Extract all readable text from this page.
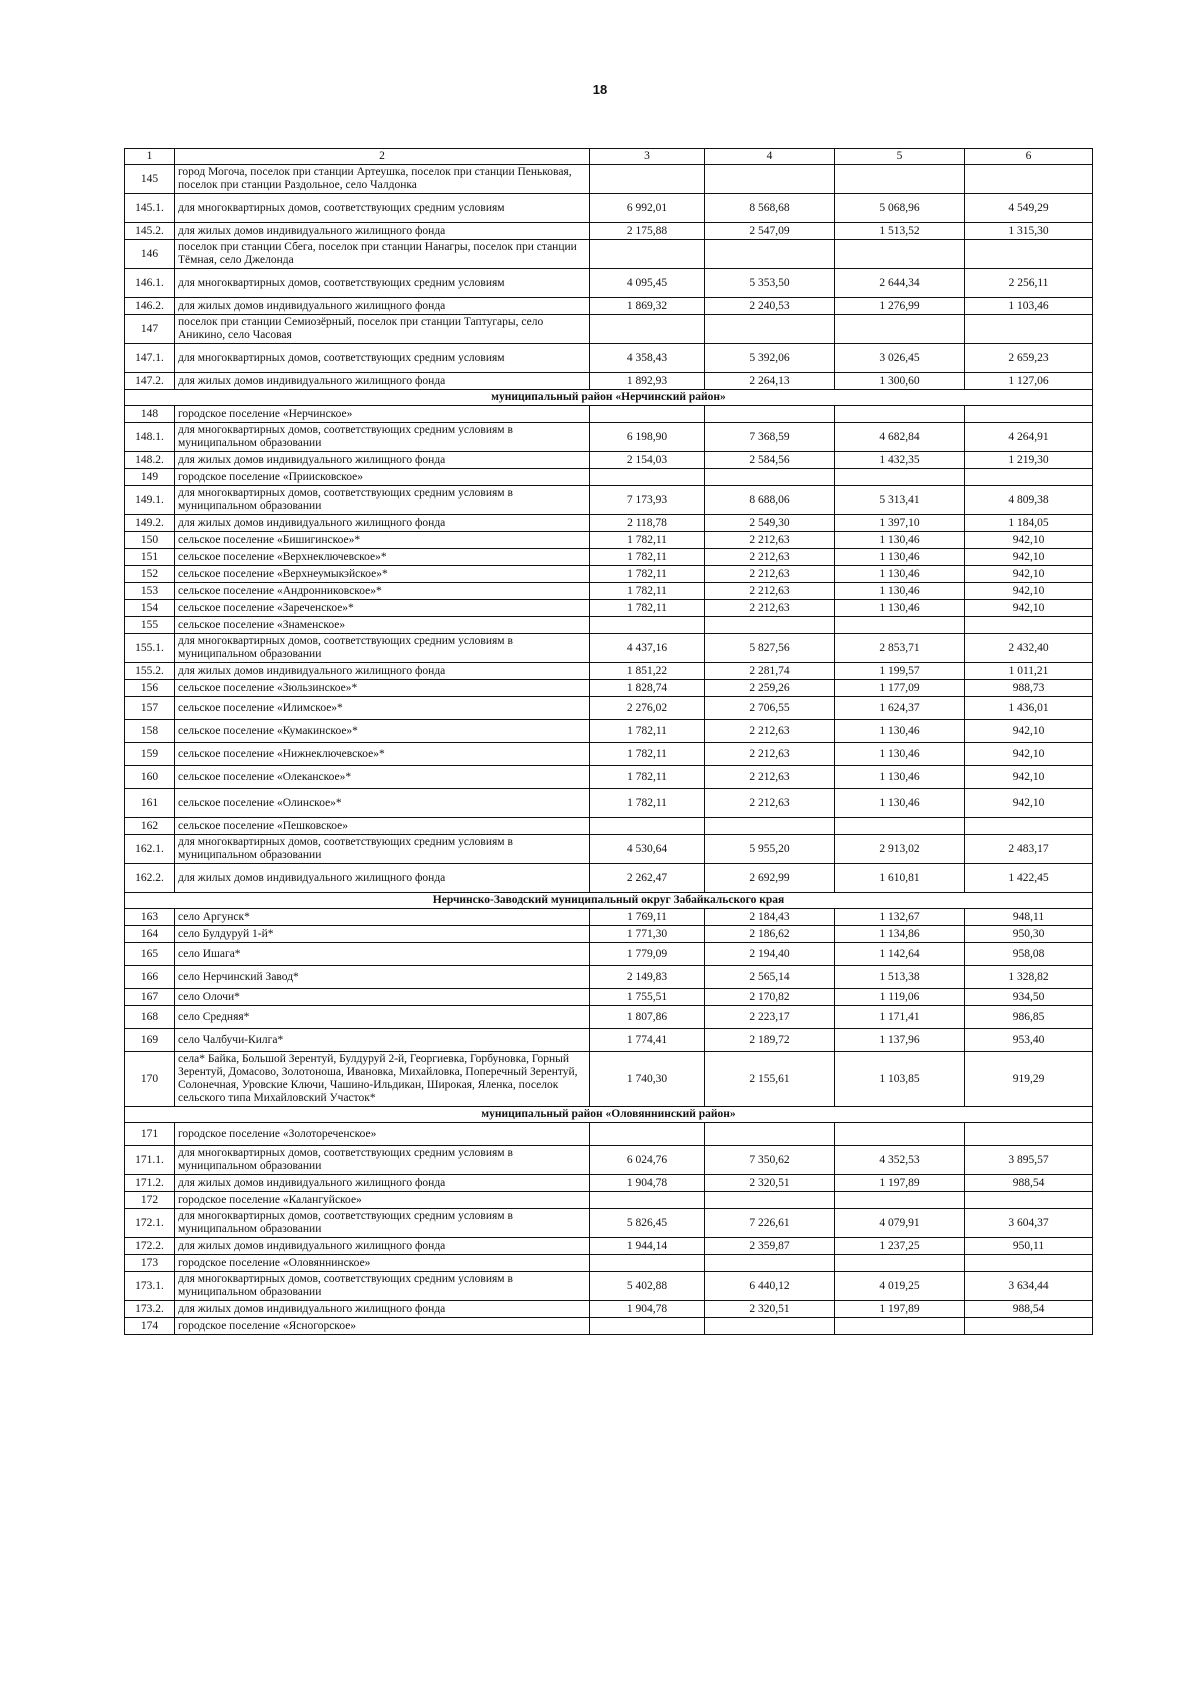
18
1	2	3	4	5	6
145	город Могоча, поселок при станции Артеушка, поселок при станции Пеньковая, поселок при станции Раздольное, село Чалдонка				
145.1.	для многоквартирных домов, соответствующих средним условиям	6 992,01	8 568,68	5 068,96	4 549,29
145.2.	для жилых домов индивидуального жилищного фонда	2 175,88	2 547,09	1 513,52	1 315,30
146	поселок при станции Сбега, поселок при станции Нанагры, поселок при станции Тёмная, село Джелонда				
146.1.	для многоквартирных домов, соответствующих средним условиям	4 095,45	5 353,50	2 644,34	2 256,11
146.2.	для жилых домов индивидуального жилищного фонда	1 869,32	2 240,53	1 276,99	1 103,46
147	поселок при станции Семиозёрный, поселок при станции Таптугары, село Аникино, село Часовая				
147.1.	для многоквартирных домов, соответствующих средним условиям	4 358,43	5 392,06	3 026,45	2 659,23
147.2.	для жилых домов индивидуального жилищного фонда	1 892,93	2 264,13	1 300,60	1 127,06
муниципальный район «Нерчинский район»					
148	городское поселение «Нерчинское»				
148.1.	для многоквартирных домов, соответствующих средним условиям в муниципальном образовании	6 198,90	7 368,59	4 682,84	4 264,91
148.2.	для жилых домов индивидуального жилищного фонда	2 154,03	2 584,56	1 432,35	1 219,30
149	городское поселение «Приисковское»				
149.1.	для многоквартирных домов, соответствующих средним условиям в муниципальном образовании	7 173,93	8 688,06	5 313,41	4 809,38
149.2.	для жилых домов индивидуального жилищного фонда	2 118,78	2 549,30	1 397,10	1 184,05
150	сельское поселение «Бишигинское»*	1 782,11	2 212,63	1 130,46	942,10
151	сельское поселение «Верхнеключевское»*	1 782,11	2 212,63	1 130,46	942,10
152	сельское поселение «Верхнеумыкэйское»*	1 782,11	2 212,63	1 130,46	942,10
153	сельское поселение «Андронниковское»*	1 782,11	2 212,63	1 130,46	942,10
154	сельское поселение «Зареченское»*	1 782,11	2 212,63	1 130,46	942,10
155	сельское поселение «Знаменское»				
155.1.	для многоквартирных домов, соответствующих средним условиям в муниципальном образовании	4 437,16	5 827,56	2 853,71	2 432,40
155.2.	для жилых домов индивидуального жилищного фонда	1 851,22	2 281,74	1 199,57	1 011,21
156	сельское поселение «Зюльзинское»*	1 828,74	2 259,26	1 177,09	988,73
157	сельское поселение «Илимское»*	2 276,02	2 706,55	1 624,37	1 436,01
158	сельское поселение «Кумакинское»*	1 782,11	2 212,63	1 130,46	942,10
159	сельское поселение «Нижнеключевское»*	1 782,11	2 212,63	1 130,46	942,10
160	сельское поселение «Олеканское»*	1 782,11	2 212,63	1 130,46	942,10
161	сельское поселение «Олинское»*	1 782,11	2 212,63	1 130,46	942,10
162	сельское поселение «Пешковское»				
162.1.	для многоквартирных домов, соответствующих средним условиям в муниципальном образовании	4 530,64	5 955,20	2 913,02	2 483,17
162.2.	для жилых домов индивидуального жилищного фонда	2 262,47	2 692,99	1 610,81	1 422,45
Нерчинско-Заводский муниципальный округ Забайкальского края					
163	село Аргунск*	1 769,11	2 184,43	1 132,67	948,11
164	село Булдуруй 1-й*	1 771,30	2 186,62	1 134,86	950,30
165	село Ишага*	1 779,09	2 194,40	1 142,64	958,08
166	село Нерчинский Завод*	2 149,83	2 565,14	1 513,38	1 328,82
167	село Олочи*	1 755,51	2 170,82	1 119,06	934,50
168	село Средняя*	1 807,86	2 223,17	1 171,41	986,85
169	село Чалбучи-Килга*	1 774,41	2 189,72	1 137,96	953,40
170	села* Байка, Большой Зерентуй, Булдуруй 2-й, Георгиевка, Горбуновка, Горный Зерентуй, Домасово, Золотоноша, Ивановка, Михайловка, Поперечный Зерентуй, Солонечная, Уровские Ключи, Чашино-Ильдикан, Широкая, Яленка, поселок сельского типа Михайловский Участок*	1 740,30	2 155,61	1 103,85	919,29
муниципальный район «Оловяннинский район»					
171	городское поселение «Золотореченское»				
171.1.	для многоквартирных домов, соответствующих средним условиям в муниципальном образовании	6 024,76	7 350,62	4 352,53	3 895,57
171.2.	для жилых домов индивидуального жилищного фонда	1 904,78	2 320,51	1 197,89	988,54
172	городское поселение «Калангуйское»				
172.1.	для многоквартирных домов, соответствующих средним условиям в муниципальном образовании	5 826,45	7 226,61	4 079,91	3 604,37
172.2.	для жилых домов индивидуального жилищного фонда	1 944,14	2 359,87	1 237,25	950,11
173	городское поселение «Оловяннинское»				
173.1.	для многоквартирных домов, соответствующих средним условиям в муниципальном образовании	5 402,88	6 440,12	4 019,25	3 634,44
173.2.	для жилых домов индивидуального жилищного фонда	1 904,78	2 320,51	1 197,89	988,54
174	городское поселение «Ясногорское»				
